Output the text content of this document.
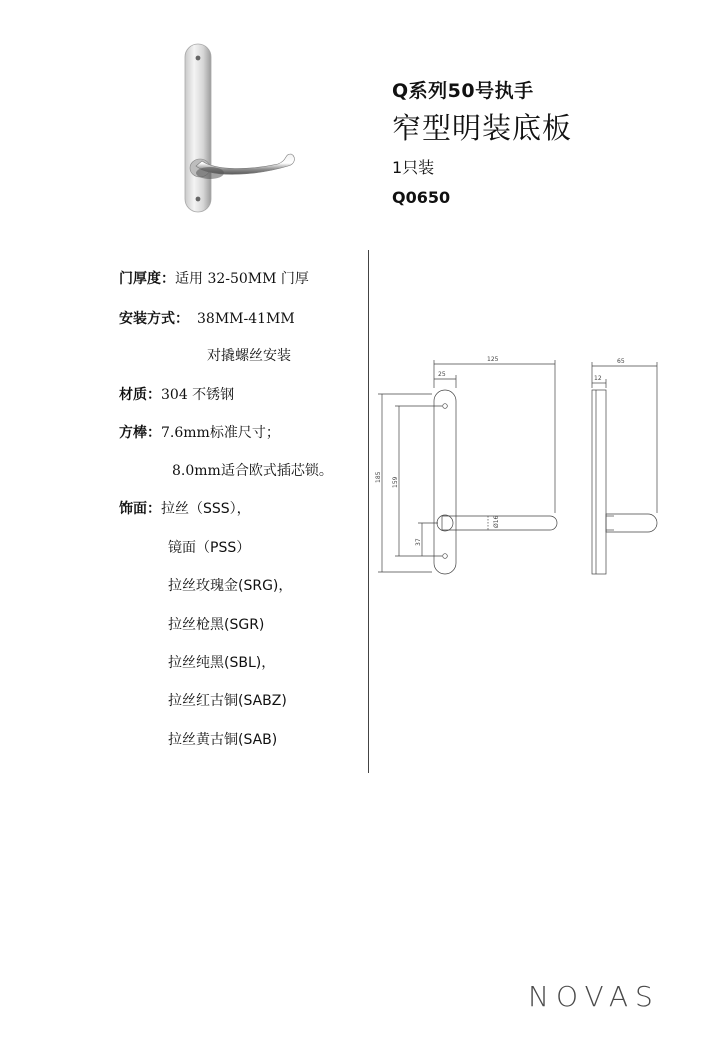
Q系列50号执手
窄型明装底板
1只装
Q0650
门厚度：适用 32-50MM 门厚
安装方式： 38MM-41MM
对撬螺丝安装
材质：304 不锈钢
方棒：7.6mm标准尺寸；
8.0mm适合欧式插芯锁。
饰面：拉丝（SSS），
镜面（PSS）
拉丝玫瑰金(SRG)，
拉丝枪黑(SGR)
拉丝纯黑(SBL)，
拉丝红古铜(SABZ)
拉丝黄古铜(SAB)
125
25
185 159
37
Ø16
65
12
NOVAS
